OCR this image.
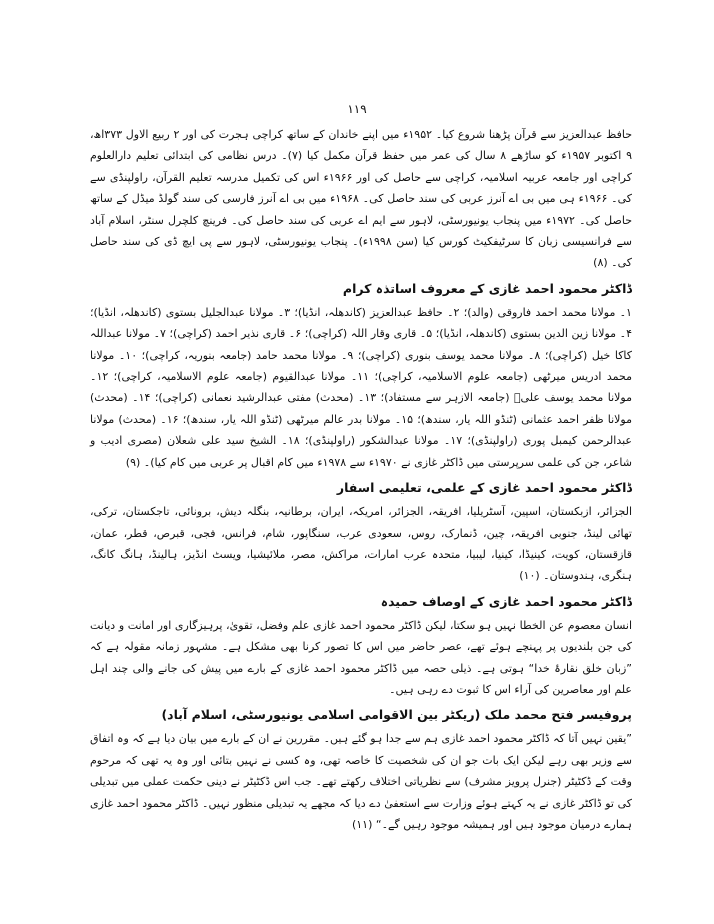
۱۱۹

حافظ عبدالعزیز سے قرآن پڑھنا شروع کیا۔ ۱۹۵۲ء میں اپنے خاندان کے ساتھ کراچی ہجرت کی اور ۲ ربیع الاول ۳۷۳اھ، ۹ اکتوبر ۱۹۵۷ء کو ساڑھے ۸ سال کی عمر میں حفظ قرآن مکمل کیا (۷)۔ درس نظامی کی ابتدائی تعلیم دارالعلوم کراچی اور جامعہ عربیہ اسلامیہ، کراچی سے حاصل کی اور ۱۹۶۶ء اس کی تکمیل مدرسہ تعلیم القرآن، راولپنڈی سے کی۔ ۱۹۶۶ء ہی میں بی اے آنرز عربی کی سند حاصل کی۔ ۱۹۶۸ء میں بی اے آنرز فارسی کی سند گولڈ میڈل کے ساتھ حاصل کی۔ ۱۹۷۲ء میں پنجاب یونیورسٹی، لاہور سے ایم اے عربی کی سند حاصل کی۔ فرینچ کلچرل سنٹر، اسلام آباد سے فرانسیسی زبان کا سرٹیفکیٹ کورس کیا (سن ۱۹۹۸ء)۔ پنجاب یونیورسٹی، لاہور سے پی ایچ ڈی کی سند حاصل کی۔ (۸)

ڈاکٹر محمود احمد غازی کے معروف اساتذہ کرام

۱۔ مولانا محمد احمد فاروقی (والد)؛ ۲۔ حافظ عبدالعزیز (کاندھلہ، انڈیا)؛ ۳۔ مولانا عبدالجلیل بستوی (کاندھلہ، انڈیا)؛ ۴۔ مولانا زین الدین بستوی (کاندھلہ، انڈیا)؛ ۵۔ قاری وقار اللہ (کراچی)؛ ۶۔ قاری نذیر احمد (کراچی)؛ ۷۔ مولانا عبداللہ کاکا خیل (کراچی)؛ ۸۔ مولانا محمد یوسف بنوری (کراچی)؛ ۹۔ مولانا محمد حامد (جامعہ بنوریہ، کراچی)؛ ۱۰۔ مولانا محمد ادریس میرٹھی (جامعہ علوم الاسلامیہ، کراچی)؛ ۱۱۔ مولانا عبدالقیوم (جامعہ علوم الاسلامیہ، کراچی)؛ ۱۲۔ مولانا محمد یوسف علیؒ (جامعہ الازہر سے مستفاد)؛ ۱۳۔ (محدث) مفتی عبدالرشید نعمانی (کراچی)؛ ۱۴۔ (محدث) مولانا ظفر احمد عثمانی (ٹنڈو اللہ یار، سندھ)؛ ۱۵۔ مولانا بدر عالم میرٹھی (ٹنڈو اللہ یار، سندھ)؛ ۱۶۔ (محدث) مولانا عبدالرحمن کیمبل پوری (راولپنڈی)؛ ۱۷۔ مولانا عبدالشکور (راولپنڈی)؛ ۱۸۔ الشیخ سید علی شعلان (مصری ادیب و شاعر، جن کی علمی سرپرستی میں ڈاکٹر غازی نے ۱۹۷۰ء سے ۱۹۷۸ء میں کام اقبال پر عربی میں کام کیا)۔ (۹)

ڈاکٹر محمود احمد غازی کے علمی، تعلیمی اسفار

الجزائر، ازبکستان، اسپین، آسٹریلیا، افریقہ، الجزائر، امریکہ، ایران، برطانیہ، بنگلہ دیش، برونائی، تاجکستان، ترکی، تھائی لینڈ، جنوبی افریقہ، چین، ڈنمارک، روس، سعودی عرب، سنگاپور، شام، فرانس، فجی، قبرص، قطر، عمان، قازقستان، کویت، کینیڈا، کینیا، لیبیا، متحدہ عرب امارات، مراکش، مصر، ملائیشیا، ویسٹ انڈیز، ہالینڈ، ہانگ کانگ، ہنگری، ہندوستان۔ (۱۰)

ڈاکٹر محمود احمد غازی کے اوصاف حمیدہ

انسان معصوم عن الخطا نہیں ہو سکتا، لیکن ڈاکٹر محمود احمد غازی علم وفضل، تقویٰ، پرہیزگاری اور امانت و دیانت کی جن بلندیوں پر پہنچے ہوئے تھے، عصر حاضر میں اس کا تصور کرنا بھی مشکل ہے۔ مشہور زمانہ مقولہ ہے کہ ”زبان خلق نقارۂ خدا“ ہوتی ہے۔ ذیلی حصہ میں ڈاکٹر محمود احمد غازی کے بارے میں پیش کی جانے والی چند اہل علم اور معاصرین کی آراء اس کا ثبوت دے رہی ہیں۔

پروفیسر فتح محمد ملک (ریکٹر بین الاقوامی اسلامی یونیورسٹی، اسلام آباد)

”یقین نہیں آتا کہ ڈاکٹر محمود احمد غازی ہم سے جدا ہو گئے ہیں۔ مقررین نے ان کے بارے میں بیان دیا ہے کہ وہ اتفاق سے وزیر بھی رہے لیکن ایک بات جو ان کی شخصیت کا خاصہ تھی، وہ کسی نے نہیں بتائی اور وہ یہ تھی کہ مرحوم وقت کے ڈکٹیٹر (جنرل پرویز مشرف) سے نظریاتی اختلاف رکھتے تھے۔ جب اس ڈکٹیٹر نے دینی حکمت عملی میں تبدیلی کی تو ڈاکٹر غازی نے یہ کہتے ہوئے وزارت سے استعفیٰ دے دیا کہ مجھے یہ تبدیلی منظور نہیں۔ ڈاکٹر محمود احمد غازی ہمارے درمیان موجود ہیں اور ہمیشہ موجود رہیں گے۔“ (۱۱)
